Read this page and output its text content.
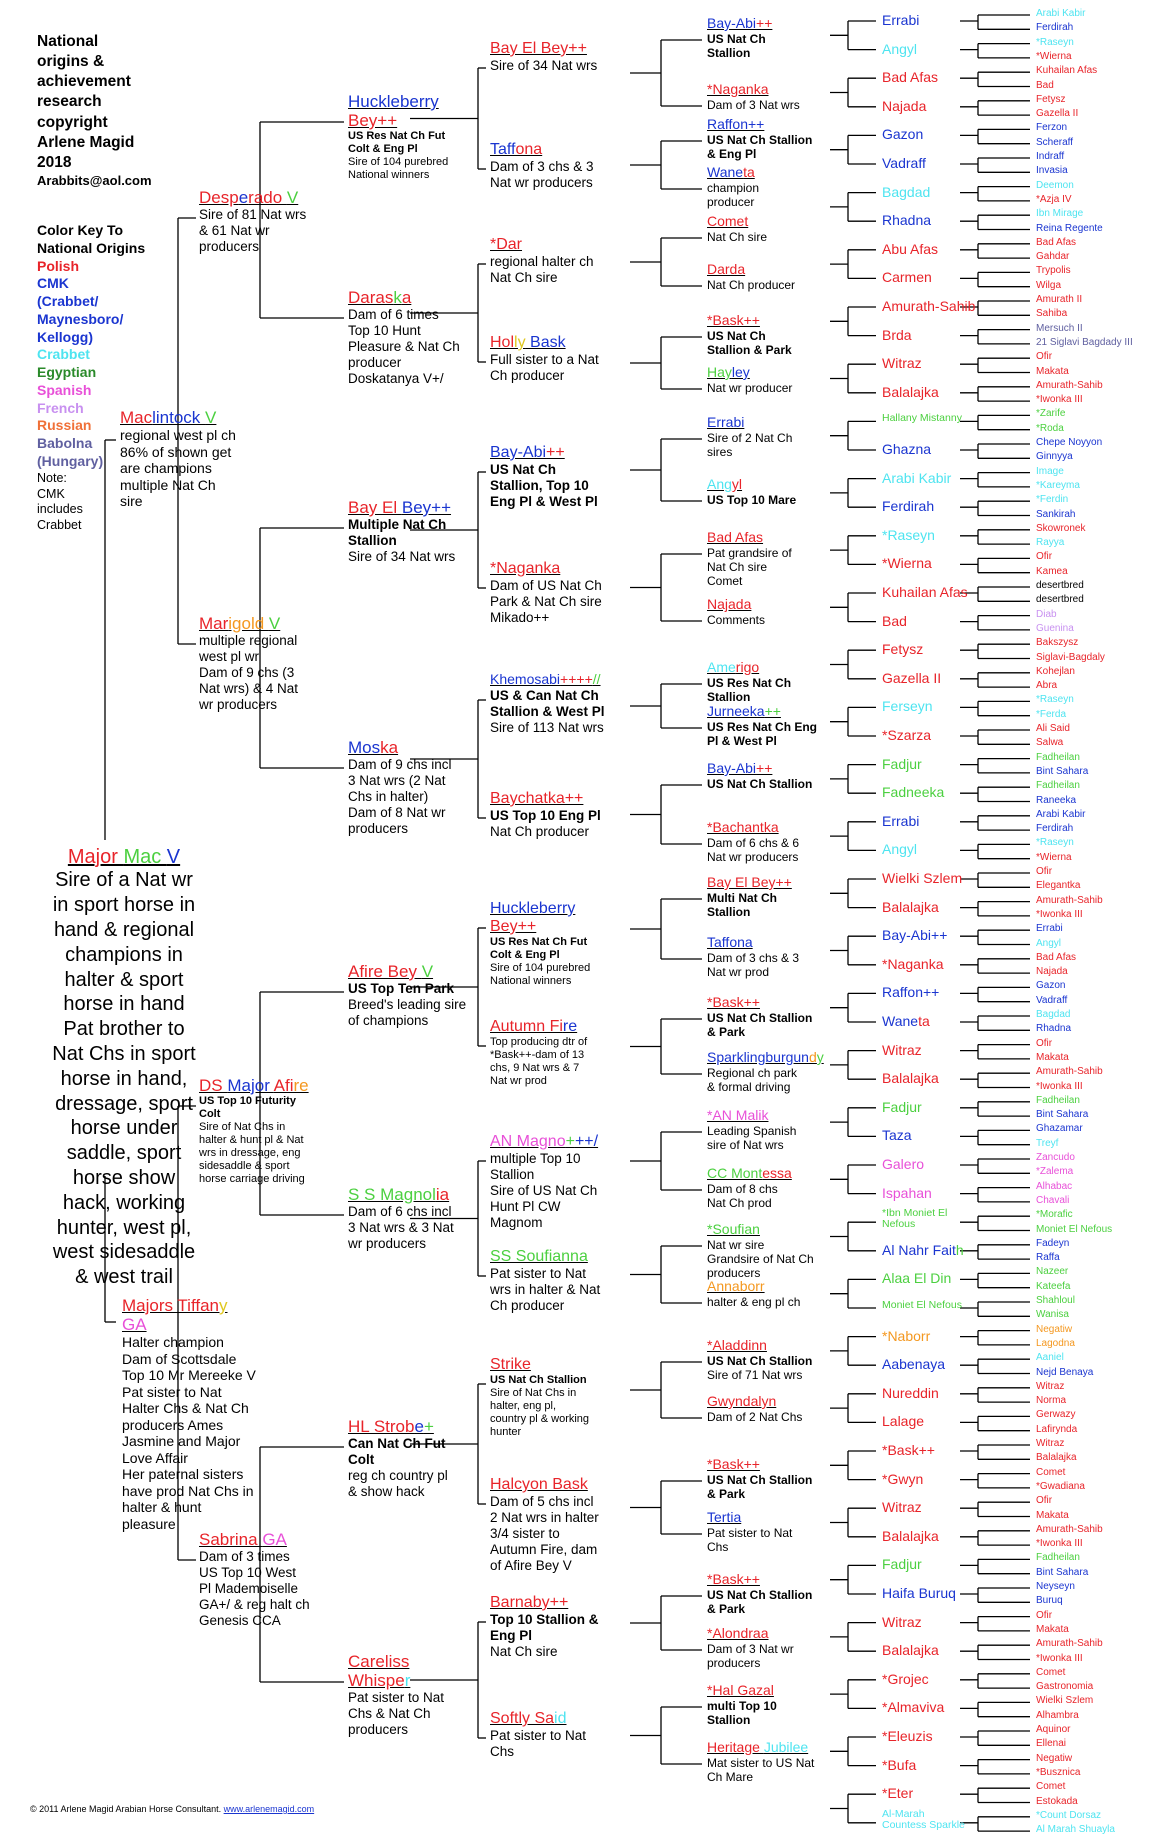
National
origins &
achievement
research
copyright
Arlene Magid
2018
Arabbits@aol.com
Color Key To
National Origins
Polish
CMK
(Crabbet/
Maynesboro/
Kellogg)
Crabbet
Egyptian
Spanish
French
Russian
Babolna
(Hungary)
Note:
CMK
includes
Crabbet
Major Mac V
Sire of a Nat wr
in sport horse in
hand & regional
champions in
halter & sport
horse in hand
Pat brother to
Nat Chs in sport
horse in hand,
dressage, sport
horse under
saddle, sport
horse show
hack, working
hunter, west pl,
west sidesaddle
& west trail
© 2011 Arlene Magid Arabian Horse Consultant. www.arlenemagid.com
Maclintock V
regional west pl ch
86% of shown get
are champions
multiple Nat Ch
sire
Majors Tiffany
GA
Halter champion
Dam of Scottsdale
Top 10 Mr Mereeke V
Pat sister to Nat
Halter Chs & Nat Ch
producers Ames
Jasmine and Major
Love Affair
Her paternal sisters
have prod Nat Chs in
halter & hunt
pleasure
Desperado V
Sire of 81 Nat wrs
& 61 Nat wr
producers
Marigold V
multiple regional
west pl wr
Dam of 9 chs (3
Nat wrs) & 4 Nat
wr producers
DS Major Afire
US Top 10 Futurity
Colt
Sire of Nat Chs in
halter & hunt pl & Nat
wrs in dressage, eng
sidesaddle & sport
horse carriage driving
Sabrina GA
Dam of 3 times
US Top 10 West
Pl Mademoiselle
GA+/ & reg halt ch
Genesis CCA
Huckleberry
Bey++
US Res Nat Ch Fut
Colt & Eng Pl
Sire of 104 purebred
National winners
Daraska
Dam of 6 times
Top 10 Hunt
Pleasure & Nat Ch
producer
Doskatanya V+/
Bay El Bey++
Multiple Nat Ch
Stallion
Sire of 34 Nat wrs
Moska
Dam of 9 chs incl
3 Nat wrs (2 Nat
Chs in halter)
Dam of 8 Nat wr
producers
Afire Bey V
US Top Ten Park
Breed's leading sire
of champions
S S Magnolia
Dam of 6 chs incl
3 Nat wrs & 3 Nat
wr producers
HL Strobe+
Can Nat Ch Fut
Colt
reg ch country pl
& show hack
Careliss
Whisper
Pat sister to Nat
Chs & Nat Ch
producers
Bay El Bey++
Sire of 34 Nat wrs
Taffona
Dam of 3 chs & 3
Nat wr producers
*Dar
regional halter ch
Nat Ch sire
Holly Bask
Full sister to a Nat
Ch producer
Bay-Abi++
US Nat Ch
Stallion, Top 10
Eng Pl & West Pl
*Naganka
Dam of US Nat Ch
Park & Nat Ch sire
Mikado++
Khemosabi++++//
US & Can Nat Ch
Stallion & West Pl
Sire of 113 Nat wrs
Baychatka++
US Top 10 Eng Pl
Nat Ch producer
Huckleberry
Bey++
US Res Nat Ch Fut
Colt & Eng Pl
Sire of 104 purebred
National winners
Autumn Fire
Top producing dtr of
*Bask++-dam of 13
chs, 9 Nat wrs & 7
Nat wr prod
AN Magno+++/
multiple Top 10
Stallion
Sire of US Nat Ch
Hunt Pl CW
Magnom
SS Soufianna
Pat sister to Nat
wrs in halter & Nat
Ch producer
Strike
US Nat Ch Stallion
Sire of Nat Chs in
halter, eng pl,
country pl & working
hunter
Halcyon Bask
Dam of 5 chs incl
2 Nat wrs in halter
3/4 sister to
Autumn Fire, dam
of Afire Bey V
Barnaby++
Top 10 Stallion &
Eng Pl
Nat Ch sire
Softly Said
Pat sister to Nat
Chs
Bay-Abi++
US Nat Ch
Stallion
*Naganka
Dam of 3 Nat wrs
Raffon++
US Nat Ch Stallion
& Eng Pl
Waneta
champion
producer
Comet
Nat Ch sire
Darda
Nat Ch producer
*Bask++
US Nat Ch
Stallion & Park
Hayley
Nat wr producer
Errabi
Sire of 2 Nat Ch
sires
Angyl
US Top 10 Mare
Bad Afas
Pat grandsire of
Nat Ch sire
Comet
Najada
Comments
Amerigo
US Res Nat Ch
Stallion
Jurneeka++
US Res Nat Ch Eng
Pl & West Pl
Bay-Abi++
US Nat Ch Stallion
*Bachantka
Dam of 6 chs & 6
Nat wr producers
Bay El Bey++
Multi Nat Ch
Stallion
Taffona
Dam of 3 chs & 3
Nat wr prod
*Bask++
US Nat Ch Stallion
& Park
Sparklingburgundy
Regional ch park
& formal driving
*AN Malik
Leading Spanish
sire of Nat wrs
CC Montessa
Dam of 8 chs
Nat Ch prod
*Soufian
Nat wr sire
Grandsire of Nat Ch
producers
Annaborr
halter & eng pl ch
*Aladdinn
US Nat Ch Stallion
Sire of 71 Nat wrs
Gwyndalyn
Dam of 2 Nat Chs
*Bask++
US Nat Ch Stallion
& Park
Tertia
Pat sister to Nat
Chs
*Bask++
US Nat Ch Stallion
& Park
*Alondraa
Dam of 3 Nat wr
producers
*Hal Gazal
multi Top 10
Stallion
Heritage Jubilee
Mat sister to US Nat
Ch Mare
Errabi
Angyl
Bad Afas
Najada
Gazon
Vadraff
Bagdad
Rhadna
Abu Afas
Carmen
Amurath-Sahib
Brda
Witraz
Balalajka
Hallany Mistanny
Ghazna
Arabi Kabir
Ferdirah
*Raseyn
*Wierna
Kuhailan Afas
Bad
Fetysz
Gazella II
Ferseyn
*Szarza
Fadjur
Fadneeka
Errabi
Angyl
Wielki Szlem
Balalajka
Bay-Abi++
*Naganka
Raffon++
Waneta
Witraz
Balalajka
Fadjur
Taza
Galero
Ispahan
*Ibn Moniet El
Nefous
Al Nahr Faith
Alaa El Din
Moniet El Nefous
*Naborr
Aabenaya
Nureddin
Lalage
*Bask++
*Gwyn
Witraz
Balalajka
Fadjur
Haifa Buruq
Witraz
Balalajka
*Grojec
*Almaviva
*Eleuzis
*Bufa
*Eter
Al-Marah
Countess Sparkle
Arabi Kabir
Ferdirah
*Raseyn
*Wierna
Kuhailan Afas
Bad
Fetysz
Gazella II
Ferzon
Scheraff
Indraff
Invasia
Deemon
*Azja IV
Ibn Mirage
Reina Regente
Bad Afas
Gahdar
Trypolis
Wilga
Amurath II
Sahiba
Mersuch II
21 Siglavi Bagdady III
Ofir
Makata
Amurath-Sahib
*Iwonka III
*Zarife
*Roda
Chepe Noyyon
Ginnyya
Image
*Kareyma
*Ferdin
Sankirah
Skowronek
Rayya
Ofir
Kamea
desertbred
desertbred
Diab
Guenina
Bakszysz
Siglavi-Bagdaly
Kohejlan
Abra
*Raseyn
*Ferda
Ali Said
Salwa
Fadheilan
Bint Sahara
Fadheilan
Raneeka
Arabi Kabir
Ferdirah
*Raseyn
*Wierna
Ofir
Elegantka
Amurath-Sahib
*Iwonka III
Errabi
Angyl
Bad Afas
Najada
Gazon
Vadraff
Bagdad
Rhadna
Ofir
Makata
Amurath-Sahib
*Iwonka III
Fadheilan
Bint Sahara
Ghazamar
Treyf
Zancudo
*Zalema
Alhabac
Chavali
*Morafic
Moniet El Nefous
Fadeyn
Raffa
Nazeer
Kateefa
Shahloul
Wanisa
Negatiw
Lagodna
Aaniel
Nejd Benaya
Witraz
Norma
Gerwazy
Lafirynda
Witraz
Balalajka
Comet
*Gwadiana
Ofir
Makata
Amurath-Sahib
*Iwonka III
Fadheilan
Bint Sahara
Neyseyn
Buruq
Ofir
Makata
Amurath-Sahib
*Iwonka III
Comet
Gastronomia
Wielki Szlem
Alhambra
Aquinor
Ellenai
Negatiw
*Busznica
Comet
Estokada
*Count Dorsaz
Al Marah Shuayla
